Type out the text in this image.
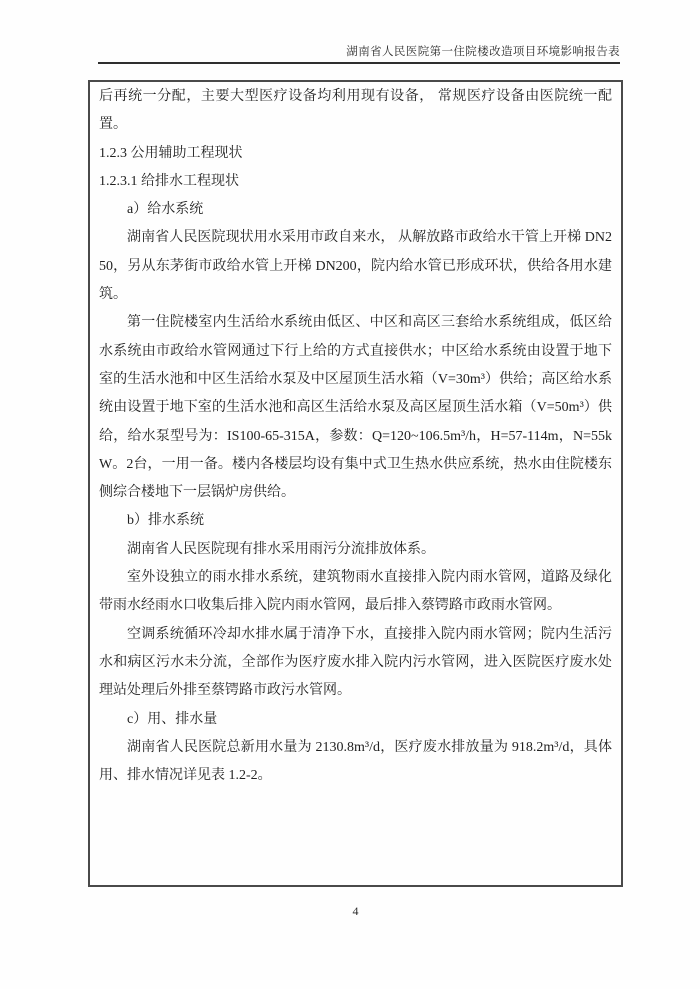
湖南省人民医院第一住院楼改造项目环境影响报告表

后再统一分配，主要大型医疗设备均利用现有设备， 常规医疗设备由医院统一配置。

1.2.3 公用辅助工程现状

1.2.3.1 给排水工程现状

a）给水系统

湖南省人民医院现状用水采用市政自来水， 从解放路市政给水干管上开梯 DN250，另从东茅街市政给水管上开梯 DN200，院内给水管已形成环状，供给各用水建筑。

第一住院楼室内生活给水系统由低区、中区和高区三套给水系统组成，低区给水系统由市政给水管网通过下行上给的方式直接供水；中区给水系统由设置于地下室的生活水池和中区生活给水泵及中区屋顶生活水箱（V=30m³）供给；高区给水系统由设置于地下室的生活水池和高区生活给水泵及高区屋顶生活水箱（V=50m³）供给，给水泵型号为：IS100-65-315A，参数：Q=120~106.5m³/h，H=57-114m，N=55kW。2台，一用一备。楼内各楼层均设有集中式卫生热水供应系统，热水由住院楼东侧综合楼地下一层锅炉房供给。

b）排水系统

湖南省人民医院现有排水采用雨污分流排放体系。

室外设独立的雨水排水系统，建筑物雨水直接排入院内雨水管网，道路及绿化带雨水经雨水口收集后排入院内雨水管网，最后排入蔡锷路市政雨水管网。

空调系统循环冷却水排水属于清净下水，直接排入院内雨水管网；院内生活污水和病区污水未分流，全部作为医疗废水排入院内污水管网，进入医院医疗废水处理站处理后外排至蔡锷路市政污水管网。

c）用、排水量

湖南省人民医院总新用水量为 2130.8m³/d，医疗废水排放量为 918.2m³/d，具体用、排水情况详见表 1.2-2。

4
